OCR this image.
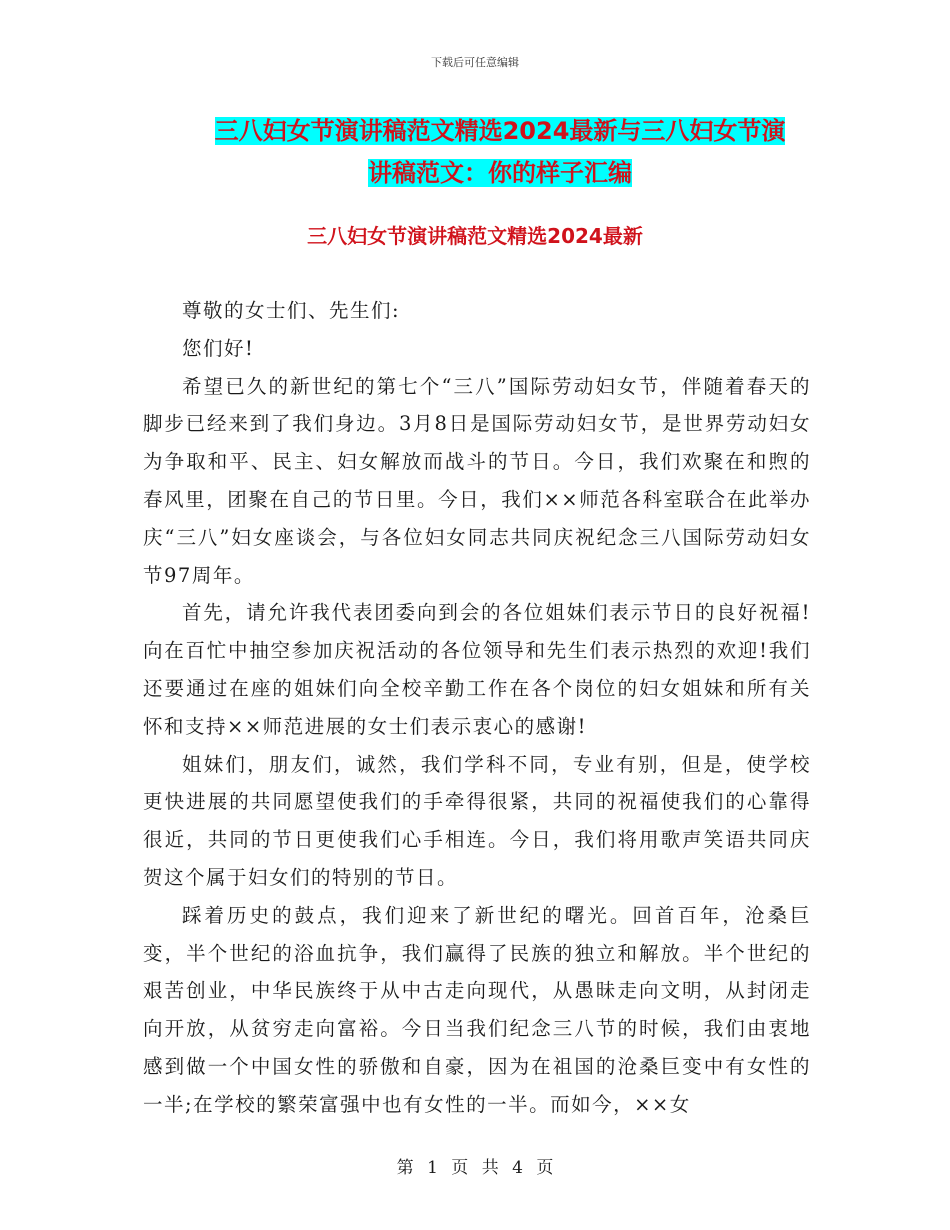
下载后可任意编辑
三八妇女节演讲稿范文精选2024最新与三八妇女节演
讲稿范文：你的样子汇编
三八妇女节演讲稿范文精选2024最新

尊敬的女士们、先生们:

您们好!

希望已久的新世纪的第七个“三八”国际劳动妇女节，伴随着春天的脚步已经来到了我们身边。3月8日是国际劳动妇女节，是世界劳动妇女为争取和平、民主、妇女解放而战斗的节日。今日，我们欢聚在和煦的春风里，团聚在自己的节日里。今日，我们××师范各科室联合在此举办庆“三八”妇女座谈会，与各位妇女同志共同庆祝纪念三八国际劳动妇女节97周年。

首先，请允许我代表团委向到会的各位姐妹们表示节日的良好祝福!向在百忙中抽空参加庆祝活动的各位领导和先生们表示热烈的欢迎!我们还要通过在座的姐妹们向全校辛勤工作在各个岗位的妇女姐妹和所有关怀和支持××师范进展的女士们表示衷心的感谢!

姐妹们，朋友们，诚然，我们学科不同，专业有别，但是，使学校更快进展的共同愿望使我们的手牵得很紧，共同的祝福使我们的心靠得很近，共同的节日更使我们心手相连。今日，我们将用歌声笑语共同庆贺这个属于妇女们的特别的节日。

踩着历史的鼓点，我们迎来了新世纪的曙光。回首百年，沧桑巨变，半个世纪的浴血抗争，我们赢得了民族的独立和解放。半个世纪的艰苦创业，中华民族终于从中古走向现代，从愚昧走向文明，从封闭走向开放，从贫穷走向富裕。今日当我们纪念三八节的时候，我们由衷地感到做一个中国女性的骄傲和自豪，因为在祖国的沧桑巨变中有女性的一半;在学校的繁荣富强中也有女性的一半。而如今，××女

第 1 页 共 4 页
